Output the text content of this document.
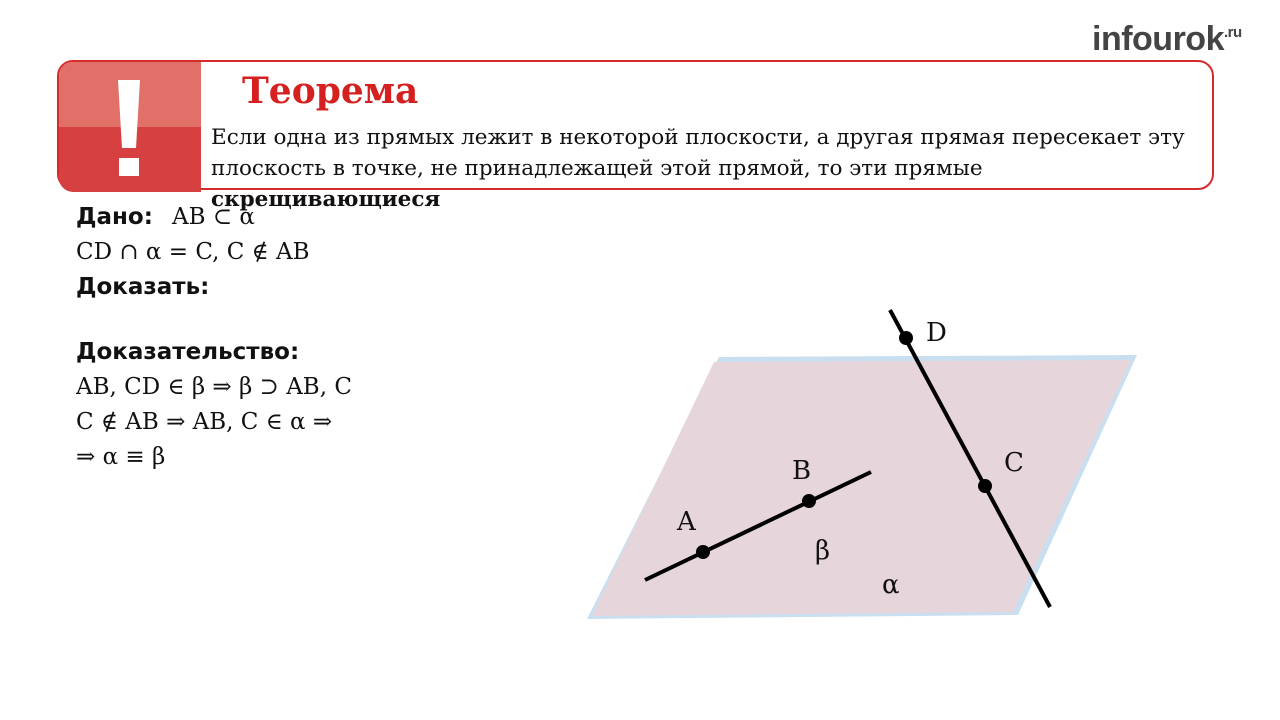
infourok$^{.ru}$
Теорема
Если одна из прямых лежит в некоторой плоскости, а другая прямая пересекает эту плоскость в точке, не принадлежащей этой прямой, то эти прямые скрещивающиеся
Дано: AB ⊂ α
CD ∩ α = C, C ∉ AB
Доказать:
Доказательство:
AB, CD ∈ β ⇒ β ⊃ AB, C
C ∉ AB ⇒ AB, C ∈ α ⇒
⇒ α ≡ β
A
B	C
D
β
α
